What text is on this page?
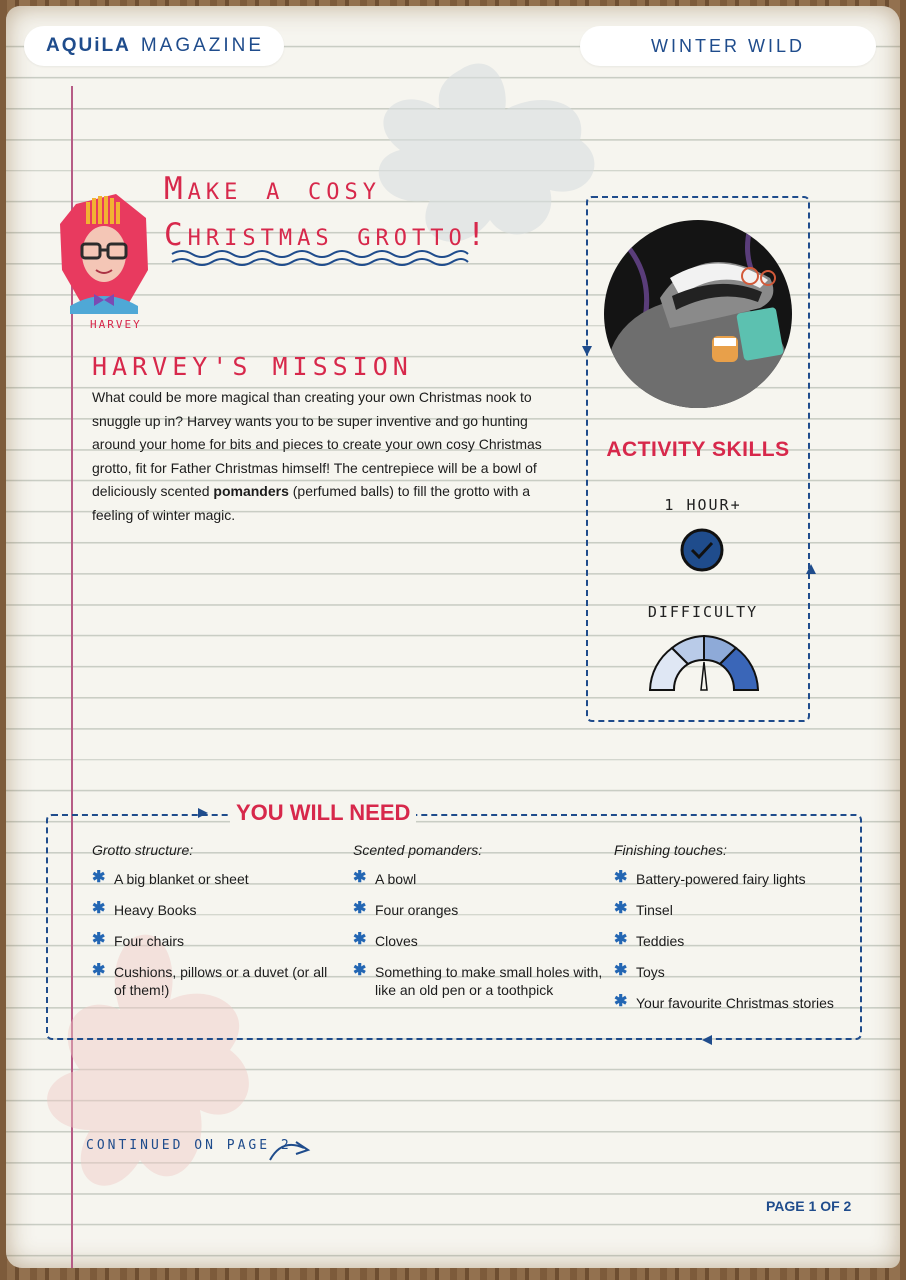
AQUiLA MAGAZINE	WINTER WILD
HARVEY
Make a cosy
Christmas grotto!
HARVEY'S MISSION

What could be more magical than creating your own Christmas nook to snuggle up in? Harvey wants you to be super inventive and go hunting around your home for bits and pieces to create your own cosy Christmas grotto, fit for Father Christmas himself! The centrepiece will be a bowl of deliciously scented pomanders (perfumed balls) to fill the grotto with a feeling of winter magic.

ACTIVITY SKILLS
1 HOUR+
DIFFICULTY
YOU WILL NEED

Grotto structure:

✱ A big blanket or sheet
✱ Heavy Books
✱ Four chairs
✱ Cushions, pillows or a duvet (or all of them!)

Scented pomanders:

✱ A bowl
✱ Four oranges
✱ Cloves
✱ Something to make small holes with, like an old pen or a toothpick

Finishing touches:

✱ Battery-powered fairy lights
✱ Tinsel
✱ Teddies
✱ Toys
✱ Your favourite Christmas stories
CONTINUED ON PAGE 2
PAGE 1 OF 2
